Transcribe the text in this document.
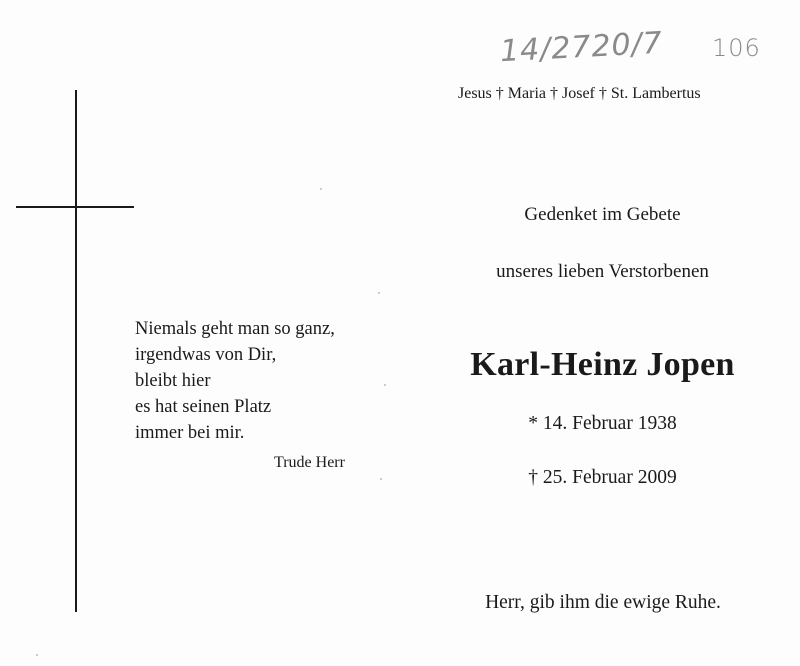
14/2720/7 106
Jesus † Maria † Josef † St. Lambertus
Niemals geht man so ganz,
irgendwas von Dir,
bleibt hier
es hat seinen Platz
immer bei mir.
Trude Herr
Gedenket im Gebete
unseres lieben Verstorbenen
Karl-Heinz Jopen
* 14. Februar 1938
† 25. Februar 2009
Herr, gib ihm die ewige Ruhe.
